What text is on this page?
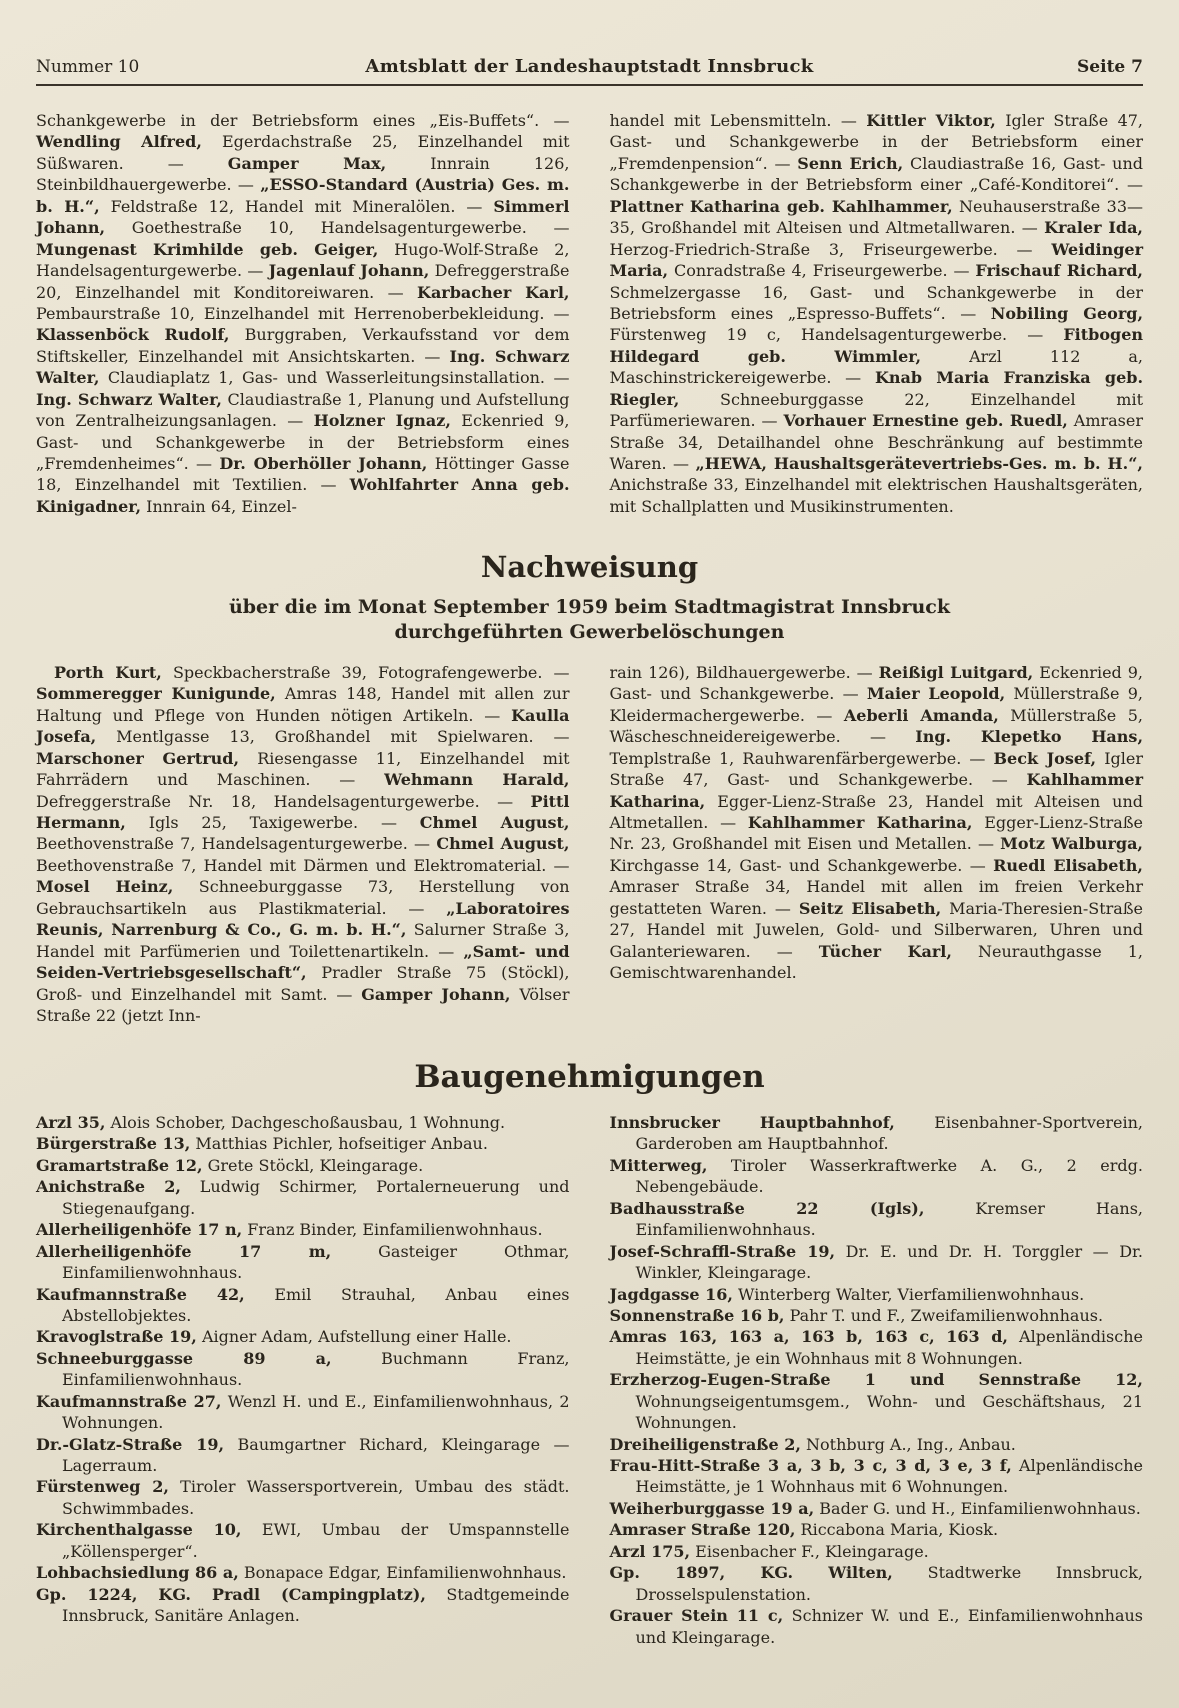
Nummer 10	Amtsblatt der Landeshauptstadt Innsbruck	Seite 7
Schankgewerbe in der Betriebsform eines „Eis-Buffets“. — Wendling Alfred, Egerdachstraße 25, Einzelhandel mit Süßwaren. — Gamper Max, Innrain 126, Steinbildhauergewerbe. — „ESSO-Standard (Austria) Ges. m. b. H.“, Feldstraße 12, Handel mit Mineralölen. — Simmerl Johann, Goethestraße 10, Handelsagenturgewerbe. — Mungenast Krimhilde geb. Geiger, Hugo-Wolf-Straße 2, Handelsagenturgewerbe. — Jagenlauf Johann, Defreggerstraße 20, Einzelhandel mit Konditoreiwaren. — Karbacher Karl, Pembaurstraße 10, Einzelhandel mit Herrenoberbekleidung. — Klassenböck Rudolf, Burggraben, Verkaufsstand vor dem Stiftskeller, Einzelhandel mit Ansichtskarten. — Ing. Schwarz Walter, Claudiaplatz 1, Gas- und Wasserleitungsinstallation. — Ing. Schwarz Walter, Claudiastraße 1, Planung und Aufstellung von Zentralheizungsanlagen. — Holzner Ignaz, Eckenried 9, Gast- und Schankgewerbe in der Betriebsform eines „Fremdenheimes“. — Dr. Oberhöller Johann, Höttinger Gasse 18, Einzelhandel mit Textilien. — Wohlfahrter Anna geb. Kinigadner, Innrain 64, Einzel-
handel mit Lebensmitteln. — Kittler Viktor, Igler Straße 47, Gast- und Schankgewerbe in der Betriebsform einer „Fremdenpension“. — Senn Erich, Claudiastraße 16, Gast- und Schankgewerbe in der Betriebsform einer „Café-Konditorei“. — Plattner Katharina geb. Kahlhammer, Neuhauserstraße 33—35, Großhandel mit Alteisen und Altmetallwaren. — Kraler Ida, Herzog-Friedrich-Straße 3, Friseurgewerbe. — Weidinger Maria, Conradstraße 4, Friseurgewerbe. — Frischauf Richard, Schmelzergasse 16, Gast- und Schankgewerbe in der Betriebsform eines „Espresso-Buffets“. — Nobiling Georg, Fürstenweg 19 c, Handelsagenturgewerbe. — Fitbogen Hildegard geb. Wimmler, Arzl 112 a, Maschinstrickereigewerbe. — Knab Maria Franziska geb. Riegler, Schneeburggasse 22, Einzelhandel mit Parfümeriewaren. — Vorhauer Ernestine geb. Ruedl, Amraser Straße 34, Detailhandel ohne Beschränkung auf bestimmte Waren. — „HEWA, Haushaltsgerätevertriebs-Ges. m. b. H.“, Anichstraße 33, Einzelhandel mit elektrischen Haushaltsgeräten, mit Schallplatten und Musikinstrumenten.
Nachweisung

über die im Monat September 1959 beim Stadtmagistrat Innsbruck

durchgeführten Gewerbelöschungen

Porth Kurt, Speckbacherstraße 39, Fotografengewerbe. — Sommeregger Kunigunde, Amras 148, Handel mit allen zur Haltung und Pflege von Hunden nötigen Artikeln. — Kaulla Josefa, Mentlgasse 13, Großhandel mit Spielwaren. — Marschoner Gertrud, Riesengasse 11, Einzelhandel mit Fahrrädern und Maschinen. — Wehmann Harald, Defreggerstraße Nr. 18, Handelsagenturgewerbe. — Pittl Hermann, Igls 25, Taxigewerbe. — Chmel August, Beethovenstraße 7, Handelsagenturgewerbe. — Chmel August, Beethovenstraße 7, Handel mit Därmen und Elektromaterial. — Mosel Heinz, Schneeburggasse 73, Herstellung von Gebrauchsartikeln aus Plastikmaterial. — „Laboratoires Reunis, Narrenburg & Co., G. m. b. H.“, Salurner Straße 3, Handel mit Parfümerien und Toilettenartikeln. — „Samt- und Seiden-Vertriebsgesellschaft“, Pradler Straße 75 (Stöckl), Groß- und Einzelhandel mit Samt. — Gamper Johann, Völser Straße 22 (jetzt Inn-
rain 126), Bildhauergewerbe. — Reißigl Luitgard, Eckenried 9, Gast- und Schankgewerbe. — Maier Leopold, Müllerstraße 9, Kleidermachergewerbe. — Aeberli Amanda, Müllerstraße 5, Wäscheschneidereigewerbe. — Ing. Klepetko Hans, Templstraße 1, Rauhwarenfärbergewerbe. — Beck Josef, Igler Straße 47, Gast- und Schankgewerbe. — Kahlhammer Katharina, Egger-Lienz-Straße 23, Handel mit Alteisen und Altmetallen. — Kahlhammer Katharina, Egger-Lienz-Straße Nr. 23, Großhandel mit Eisen und Metallen. — Motz Walburga, Kirchgasse 14, Gast- und Schankgewerbe. — Ruedl Elisabeth, Amraser Straße 34, Handel mit allen im freien Verkehr gestatteten Waren. — Seitz Elisabeth, Maria-Theresien-Straße 27, Handel mit Juwelen, Gold- und Silberwaren, Uhren und Galanteriewaren. — Tücher Karl, Neurauthgasse 1, Gemischtwarenhandel.
Baugenehmigungen

Arzl 35, Alois Schober, Dachgeschoßausbau, 1 Wohnung.

Bürgerstraße 13, Matthias Pichler, hofseitiger Anbau.

Gramartstraße 12, Grete Stöckl, Kleingarage.

Anichstraße 2, Ludwig Schirmer, Portalerneuerung und Stiegenaufgang.

Allerheiligenhöfe 17 n, Franz Binder, Einfamilienwohnhaus.

Allerheiligenhöfe 17 m, Gasteiger Othmar, Einfamilienwohnhaus.

Kaufmannstraße 42, Emil Strauhal, Anbau eines Abstellobjektes.

Kravoglstraße 19, Aigner Adam, Aufstellung einer Halle.

Schneeburggasse 89 a, Buchmann Franz, Einfamilienwohnhaus.

Kaufmannstraße 27, Wenzl H. und E., Einfamilienwohnhaus, 2 Wohnungen.

Dr.-Glatz-Straße 19, Baumgartner Richard, Kleingarage — Lagerraum.

Fürstenweg 2, Tiroler Wassersportverein, Umbau des städt. Schwimmbades.

Kirchenthalgasse 10, EWI, Umbau der Umspannstelle „Köllensperger“.

Lohbachsiedlung 86 a, Bonapace Edgar, Einfamilienwohnhaus.

Gp. 1224, KG. Pradl (Campingplatz), Stadtgemeinde Innsbruck, Sanitäre Anlagen.

Innsbrucker Hauptbahnhof, Eisenbahner-Sportverein, Garderoben am Hauptbahnhof.

Mitterweg, Tiroler Wasserkraftwerke A. G., 2 erdg. Nebengebäude.

Badhausstraße 22 (Igls), Kremser Hans, Einfamilienwohnhaus.

Josef-Schraffl-Straße 19, Dr. E. und Dr. H. Torggler — Dr. Winkler, Kleingarage.

Jagdgasse 16, Winterberg Walter, Vierfamilienwohnhaus.

Sonnenstraße 16 b, Pahr T. und F., Zweifamilienwohnhaus.

Amras 163, 163 a, 163 b, 163 c, 163 d, Alpenländische Heimstätte, je ein Wohnhaus mit 8 Wohnungen.

Erzherzog-Eugen-Straße 1 und Sennstraße 12, Wohnungseigentumsgem., Wohn- und Geschäftshaus, 21 Wohnungen.

Dreiheiligenstraße 2, Nothburg A., Ing., Anbau.

Frau-Hitt-Straße 3 a, 3 b, 3 c, 3 d, 3 e, 3 f, Alpenländische Heimstätte, je 1 Wohnhaus mit 6 Wohnungen.

Weiherburggasse 19 a, Bader G. und H., Einfamilienwohnhaus.

Amraser Straße 120, Riccabona Maria, Kiosk.

Arzl 175, Eisenbacher F., Kleingarage.

Gp. 1897, KG. Wilten, Stadtwerke Innsbruck, Drosselspulenstation.

Grauer Stein 11 c, Schnizer W. und E., Einfamilienwohnhaus und Kleingarage.
